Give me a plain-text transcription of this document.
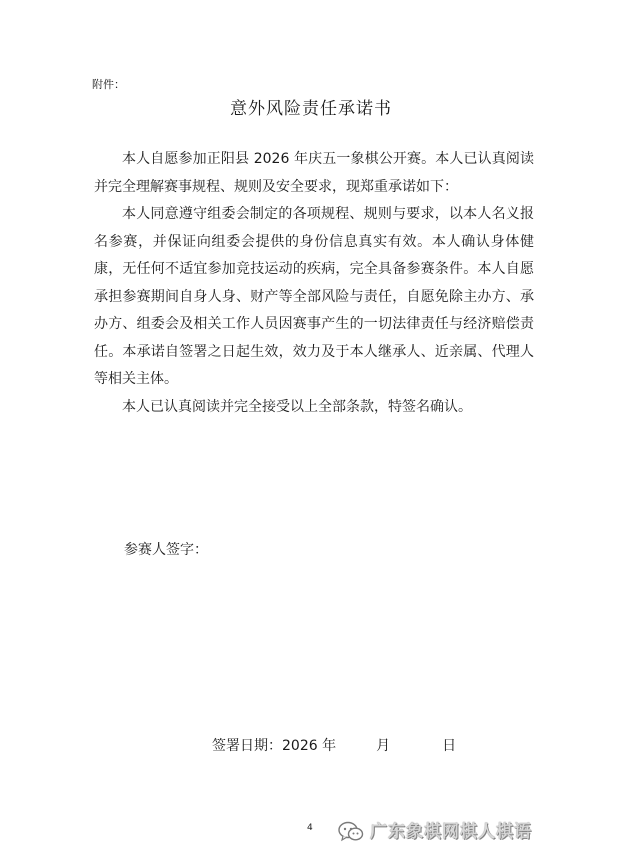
附件：
意外风险责任承诺书

本人自愿参加正阳县 2026 年庆五一象棋公开赛。本人已认真阅读并完全理解赛事规程、规则及安全要求，现郑重承诺如下：

本人同意遵守组委会制定的各项规程、规则与要求，以本人名义报名参赛，并保证向组委会提供的身份信息真实有效。本人确认身体健康，无任何不适宜参加竞技运动的疾病，完全具备参赛条件。本人自愿承担参赛期间自身人身、财产等全部风险与责任，自愿免除主办方、承办方、组委会及相关工作人员因赛事产生的一切法律责任与经济赔偿责任。本承诺自签署之日起生效，效力及于本人继承人、近亲属、代理人等相关主体。

本人已认真阅读并完全接受以上全部条款，特签名确认。

参赛人签字：
签署日期：2026 年	月	日
4	广东象棋网棋人棋语
